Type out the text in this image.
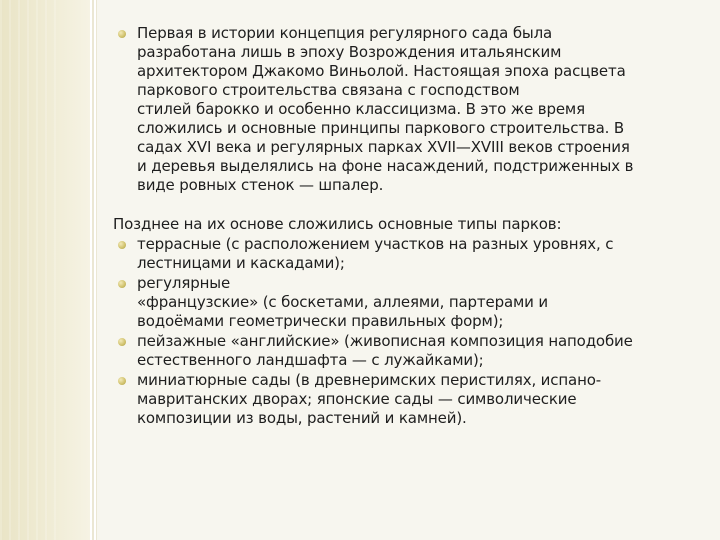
Первая в истории концепция регулярного сада была
разработана лишь в эпоху Возрождения итальянским
архитектором Джакомо Виньолой. Настоящая эпоха расцвета
паркового строительства связана с господством
стилей барокко и особенно классицизма. В это же время
сложились и основные принципы паркового строительства. В
садах XVI века и регулярных парках XVII—XVIII веков строения
и деревья выделялись на фоне насаждений, подстриженных в
виде ровных стенок — шпалер.

Позднее на их основе сложились основные типы парков:

террасные (с расположением участков на разных уровнях, с
лестницами и каскадами);
регулярные
«французские» (с боскетами, аллеями, партерами и
водоёмами геометрически правильных форм);
пейзажные «английские» (живописная композиция наподобие
естественного ландшафта — с лужайками);
миниатюрные сады (в древнеримских перистилях, испано-
мавританских дворах; японские сады — символические
композиции из воды, растений и камней).
